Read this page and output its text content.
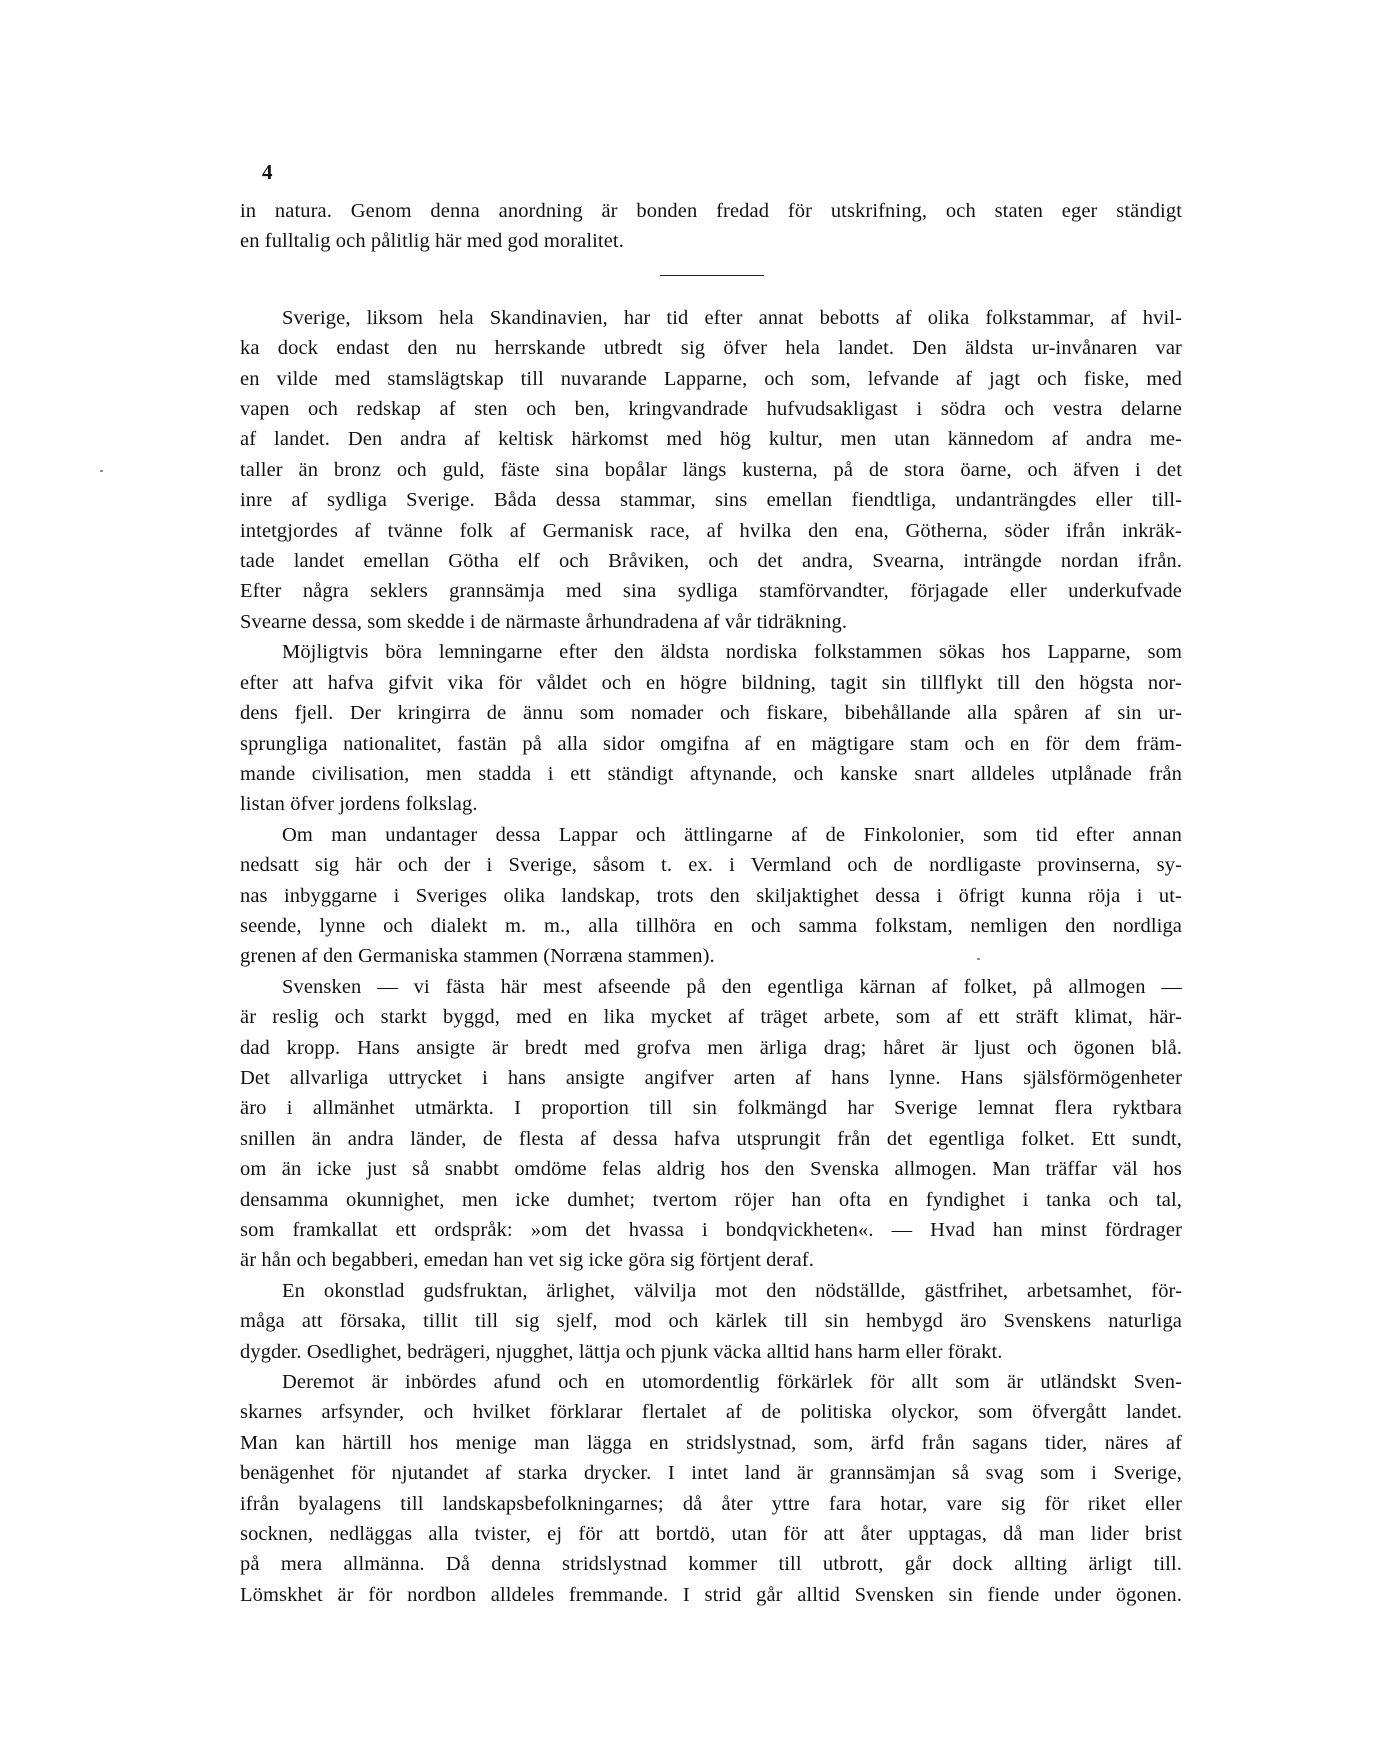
4

in natura. Genom denna anordning är bonden fredad för utskrifning, och staten eger ständigt

en fulltalig och pålitlig här med god moralitet.

Sverige, liksom hela Skandinavien, har tid efter annat bebotts af olika folkstammar, af hvil-

ka dock endast den nu herrskande utbredt sig öfver hela landet. Den äldsta ur-invånaren var

en vilde med stamslägtskap till nuvarande Lapparne, och som, lefvande af jagt och fiske, med

vapen och redskap af sten och ben, kringvandrade hufvudsakligast i södra och vestra delarne

af landet. Den andra af keltisk härkomst med hög kultur, men utan kännedom af andra me-

taller än bronz och guld, fäste sina bopålar längs kusterna, på de stora öarne, och äfven i det

inre af sydliga Sverige. Båda dessa stammar, sins emellan fiendtliga, undanträngdes eller till-

intetgjordes af tvänne folk af Germanisk race, af hvilka den ena, Götherna, söder ifrån inkräk-

tade landet emellan Götha elf och Bråviken, och det andra, Svearna, inträngde nordan ifrån.

Efter några seklers grannsämja med sina sydliga stamförvandter, förjagade eller underkufvade

Svearne dessa, som skedde i de närmaste århundradena af vår tidräkning.

Möjligtvis böra lemningarne efter den äldsta nordiska folkstammen sökas hos Lapparne, som

efter att hafva gifvit vika för våldet och en högre bildning, tagit sin tillflykt till den högsta nor-

dens fjell. Der kringirra de ännu som nomader och fiskare, bibehållande alla spåren af sin ur-

sprungliga nationalitet, fastän på alla sidor omgifna af en mägtigare stam och en för dem främ-

mande civilisation, men stadda i ett ständigt aftynande, och kanske snart alldeles utplånade från

listan öfver jordens folkslag.

Om man undantager dessa Lappar och ättlingarne af de Finkolonier, som tid efter annan

nedsatt sig här och der i Sverige, såsom t. ex. i Vermland och de nordligaste provinserna, sy-

nas inbyggarne i Sveriges olika landskap, trots den skiljaktighet dessa i öfrigt kunna röja i ut-

seende, lynne och dialekt m. m., alla tillhöra en och samma folkstam, nemligen den nordliga

grenen af den Germaniska stammen (Norræna stammen).

Svensken — vi fästa här mest afseende på den egentliga kärnan af folket, på allmogen —

är reslig och starkt byggd, med en lika mycket af träget arbete, som af ett sträft klimat, här-

dad kropp. Hans ansigte är bredt med grofva men ärliga drag; håret är ljust och ögonen blå.

Det allvarliga uttrycket i hans ansigte angifver arten af hans lynne. Hans själsförmögenheter

äro i allmänhet utmärkta. I proportion till sin folkmängd har Sverige lemnat flera ryktbara

snillen än andra länder, de flesta af dessa hafva utsprungit från det egentliga folket. Ett sundt,

om än icke just så snabbt omdöme felas aldrig hos den Svenska allmogen. Man träffar väl hos

densamma okunnighet, men icke dumhet; tvertom röjer han ofta en fyndighet i tanka och tal,

som framkallat ett ordspråk: »om det hvassa i bondqvickheten«. — Hvad han minst fördrager

är hån och begabberi, emedan han vet sig icke göra sig förtjent deraf.

En okonstlad gudsfruktan, ärlighet, välvilja mot den nödställde, gästfrihet, arbetsamhet, för-

måga att försaka, tillit till sig sjelf, mod och kärlek till sin hembygd äro Svenskens naturliga

dygder. Osedlighet, bedrägeri, njugghet, lättja och pjunk väcka alltid hans harm eller förakt.

Deremot är inbördes afund och en utomordentlig förkärlek för allt som är utländskt Sven-

skarnes arfsynder, och hvilket förklarar flertalet af de politiska olyckor, som öfvergått landet.

Man kan härtill hos menige man lägga en stridslystnad, som, ärfd från sagans tider, näres af

benägenhet för njutandet af starka drycker. I intet land är grannsämjan så svag som i Sverige,

ifrån byalagens till landskapsbefolkningarnes; då åter yttre fara hotar, vare sig för riket eller

socknen, nedläggas alla tvister, ej för att bortdö, utan för att åter upptagas, då man lider brist

på mera allmänna. Då denna stridslystnad kommer till utbrott, går dock allting ärligt till.

Lömskhet är för nordbon alldeles fremmande. I strid går alltid Svensken sin fiende under ögonen.
